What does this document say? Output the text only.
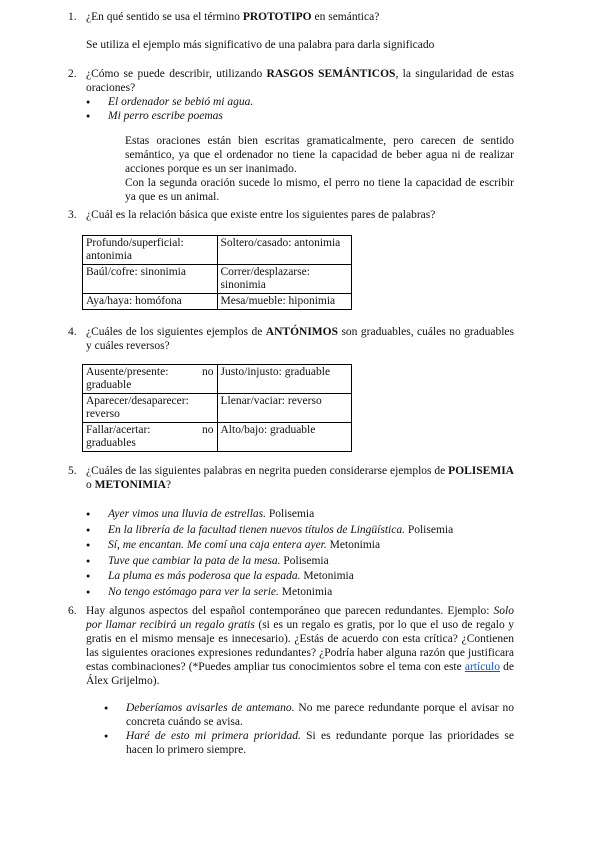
1. ¿En qué sentido se usa el término PROTOTIPO en semántica?
Se utiliza el ejemplo más significativo de una palabra para darla significado
2. ¿Cómo se puede describir, utilizando RASGOS SEMÁNTICOS, la singularidad de estas oraciones?
● El ordenador se bebió mi agua.
● Mi perro escribe poemas
Estas oraciones están bien escritas gramaticalmente, pero carecen de sentido semántico, ya que el ordenador no tiene la capacidad de beber agua ni de realizar acciones porque es un ser inanimado.
Con la segunda oración sucede lo mismo, el perro no tiene la capacidad de escribir ya que es un animal.
3. ¿Cuál es la relación básica que existe entre los siguientes pares de palabras?
Profundo/superficial: antonimia	Soltero/casado: antonimia
Baúl/cofre: sinonimia	Correr/desplazarse: sinonimia
Aya/haya: homófona	Mesa/mueble: hiponimia
4. ¿Cuáles de los siguientes ejemplos de ANTÓNIMOS son graduables, cuáles no graduables y cuáles reversos?
Ausente/presente: no graduable	Justo/injusto: graduable
Aparecer/desaparecer: reverso	Llenar/vaciar: reverso
Fallar/acertar: no graduables	Alto/bajo: graduable
5. ¿Cuáles de las siguientes palabras en negrita pueden considerarse ejemplos de POLISEMIA o METONIMIA?
● Ayer vimos una lluvia de estrellas. Polisemia
● En la librería de la facultad tienen nuevos títulos de Lingüística. Polisemia
● Sí, me encantan. Me comí una caja entera ayer. Metonimia
● Tuve que cambiar la pata de la mesa. Polisemia
● La pluma es más poderosa que la espada. Metonimia
● No tengo estómago para ver la serie. Metonimia
6. Hay algunos aspectos del español contemporáneo que parecen redundantes. Ejemplo: Solo por llamar recibirá un regalo gratis (si es un regalo es gratis, por lo que el uso de regalo y gratis en el mismo mensaje es innecesario). ¿Estás de acuerdo con esta crítica? ¿Contienen las siguientes oraciones expresiones redundantes? ¿Podría haber alguna razón que justificara estas combinaciones? (*Puedes ampliar tus conocimientos sobre el tema con este artículo de Álex Grijelmo).
● Deberíamos avisarles de antemano. No me parece redundante porque el avisar no concreta cuándo se avisa.
● Haré de esto mi primera prioridad. Si es redundante porque las prioridades se hacen lo primero siempre.
